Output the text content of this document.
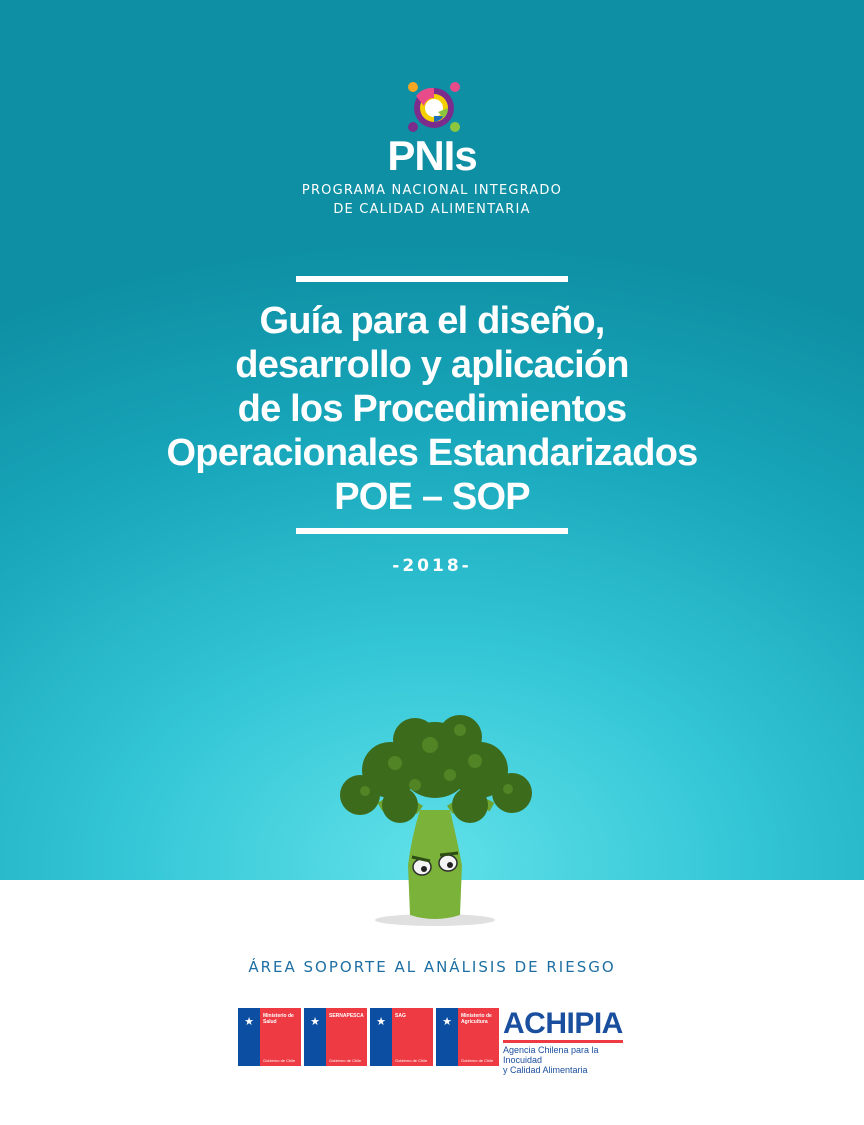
PNIs
PROGRAMA NACIONAL INTEGRADO
DE CALIDAD ALIMENTARIA
Guía para el diseño,
desarrollo y aplicación
de los Procedimientos
Operacionales Estandarizados
POE – SOP
-2018-
ÁREA SOPORTE AL ANÁLISIS DE RIESGO
★ Ministerio de Salud
Gobierno de Chile
★ SERNAPESCA
Gobierno de Chile
★ SAG
Gobierno de Chile
★ Ministerio de Agricultura
Gobierno de Chile
ACHIPIA
Agencia Chilena para la Inocuidad
y Calidad Alimentaria
